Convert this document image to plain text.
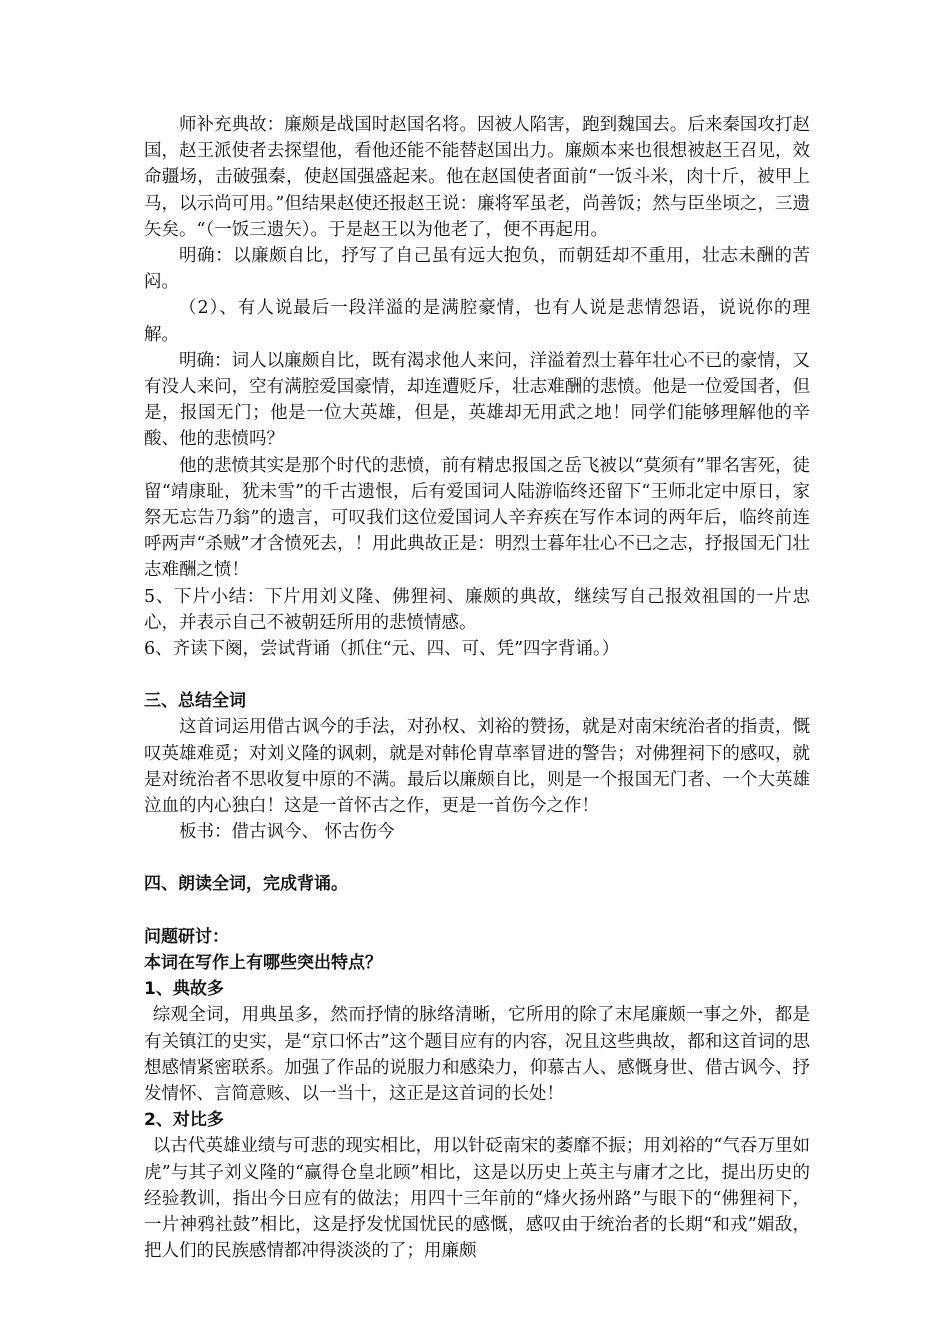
师补充典故：廉颇是战国时赵国名将。因被人陷害，跑到魏国去。后来秦国攻打赵国，赵王派使者去探望他，看他还能不能替赵国出力。廉颇本来也很想被赵王召见，效命疆场，击破强秦，使赵国强盛起来。他在赵国使者面前“一饭斗米，肉十斤，被甲上马，以示尚可用。”但结果赵使还报赵王说：廉将军虽老，尚善饭；然与臣坐顷之，三遗矢矣。“（一饭三遗矢）。于是赵王以为他老了，便不再起用。

明确：以廉颇自比，抒写了自己虽有远大抱负，而朝廷却不重用，壮志未酬的苦闷。

（2）、有人说最后一段洋溢的是满腔豪情，也有人说是悲情怨语，说说你的理解。

明确：词人以廉颇自比，既有渴求他人来问，洋溢着烈士暮年壮心不已的豪情，又有没人来问，空有满腔爱国豪情，却连遭贬斥，壮志难酬的悲愤。他是一位爱国者，但是，报国无门；他是一位大英雄，但是，英雄却无用武之地！同学们能够理解他的辛酸、他的悲愤吗？

他的悲愤其实是那个时代的悲愤，前有精忠报国之岳飞被以“莫须有”罪名害死，徒留“靖康耻，犹未雪”的千古遗恨，后有爱国词人陆游临终还留下“王师北定中原日，家祭无忘告乃翁”的遗言，可叹我们这位爱国词人辛弃疾在写作本词的两年后，临终前连呼两声“杀贼”才含愤死去，！用此典故正是：明烈士暮年壮心不已之志，抒报国无门壮志难酬之愤！

5、下片小结：下片用刘义隆、佛狸祠、廉颇的典故，继续写自己报效祖国的一片忠心，并表示自己不被朝廷所用的悲愤情感。

6、齐读下阕，尝试背诵（抓住“元、四、可、凭”四字背诵。）

三、总结全词

这首词运用借古讽今的手法，对孙权、刘裕的赞扬，就是对南宋统治者的指责，慨叹英雄难觅；对刘义隆的讽刺，就是对韩伦胄草率冒进的警告；对佛狸祠下的感叹，就是对统治者不思收复中原的不满。最后以廉颇自比，则是一个报国无门者、一个大英雄泣血的内心独白！这是一首怀古之作，更是一首伤今之作！

板书：借古讽今、 怀古伤今

四、朗读全词，完成背诵。

问题研讨：

本词在写作上有哪些突出特点？

1、典故多

综观全词，用典虽多，然而抒情的脉络清晰，它所用的除了末尾廉颇一事之外，都是有关镇江的史实，是“京口怀古”这个题目应有的内容，况且这些典故，都和这首词的思想感情紧密联系。加强了作品的说服力和感染力，仰慕古人、感慨身世、借古讽今、抒发情怀、言简意赅、以一当十，这正是这首词的长处！

2、对比多

以古代英雄业绩与可悲的现实相比，用以针砭南宋的萎靡不振；用刘裕的“气吞万里如虎”与其子刘义隆的“赢得仓皇北顾”相比，这是以历史上英主与庸才之比，提出历史的经验教训，指出今日应有的做法；用四十三年前的“烽火扬州路”与眼下的“佛狸祠下，一片神鸦社鼓”相比，这是抒发忧国忧民的感慨，感叹由于统治者的长期“和戎”媚敌，把人们的民族感情都冲得淡淡的了；用廉颇
